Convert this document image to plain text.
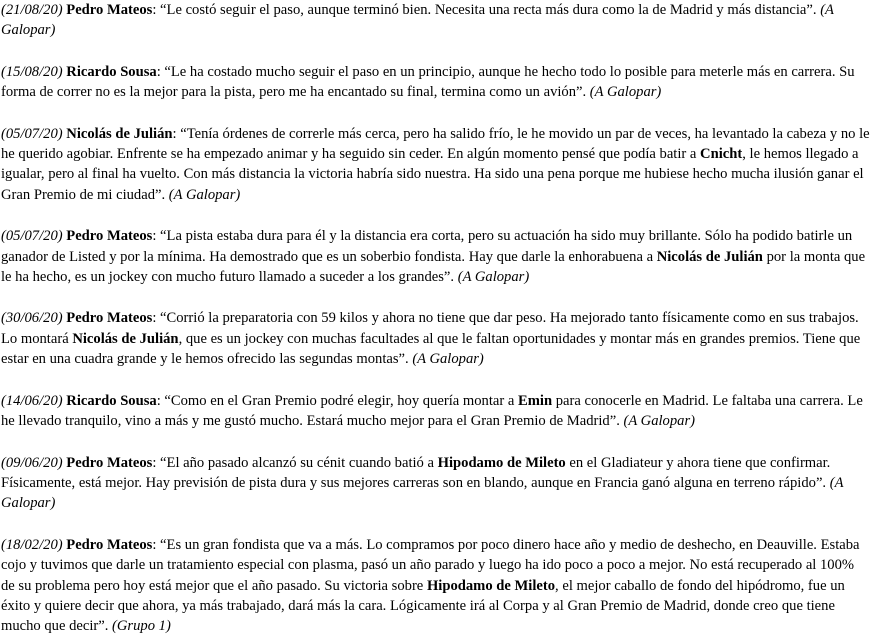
(21/08/20) Pedro Mateos: “Le costó seguir el paso, aunque terminó bien. Necesita una recta más dura como la de Madrid y más distancia”. (A Galopar)

(15/08/20) Ricardo Sousa: “Le ha costado mucho seguir el paso en un principio, aunque he hecho todo lo posible para meterle más en carrera. Su forma de correr no es la mejor para la pista, pero me ha encantado su final, termina como un avión”. (A Galopar)

(05/07/20) Nicolás de Julián: “Tenía órdenes de correrle más cerca, pero ha salido frío, le he movido un par de veces, ha levantado la cabeza y no le he querido agobiar. Enfrente se ha empezado animar y ha seguido sin ceder. En algún momento pensé que podía batir a Cnicht, le hemos llegado a igualar, pero al final ha vuelto. Con más distancia la victoria habría sido nuestra. Ha sido una pena porque me hubiese hecho mucha ilusión ganar el Gran Premio de mi ciudad”. (A Galopar)

(05/07/20) Pedro Mateos: “La pista estaba dura para él y la distancia era corta, pero su actuación ha sido muy brillante. Sólo ha podido batirle un ganador de Listed y por la mínima. Ha demostrado que es un soberbio fondista. Hay que darle la enhorabuena a Nicolás de Julián por la monta que le ha hecho, es un jockey con mucho futuro llamado a suceder a los grandes”. (A Galopar)

(30/06/20) Pedro Mateos: “Corrió la preparatoria con 59 kilos y ahora no tiene que dar peso. Ha mejorado tanto físicamente como en sus trabajos. Lo montará Nicolás de Julián, que es un jockey con muchas facultades al que le faltan oportunidades y montar más en grandes premios. Tiene que estar en una cuadra grande y le hemos ofrecido las segundas montas”. (A Galopar)

(14/06/20) Ricardo Sousa: “Como en el Gran Premio podré elegir, hoy quería montar a Emin para conocerle en Madrid. Le faltaba una carrera. Le he llevado tranquilo, vino a más y me gustó mucho. Estará mucho mejor para el Gran Premio de Madrid”. (A Galopar)

(09/06/20) Pedro Mateos: “El año pasado alcanzó su cénit cuando batió a Hipodamo de Mileto en el Gladiateur y ahora tiene que confirmar. Físicamente, está mejor. Hay previsión de pista dura y sus mejores carreras son en blando, aunque en Francia ganó alguna en terreno rápido”. (A Galopar)

(18/02/20) Pedro Mateos: “Es un gran fondista que va a más. Lo compramos por poco dinero hace año y medio de deshecho, en Deauville. Estaba cojo y tuvimos que darle un tratamiento especial con plasma, pasó un año parado y luego ha ido poco a poco a mejor. No está recuperado al 100% de su problema pero hoy está mejor que el año pasado. Su victoria sobre Hipodamo de Mileto, el mejor caballo de fondo del hipódromo, fue un éxito y quiere decir que ahora, ya más trabajado, dará más la cara. Lógicamente irá al Corpa y al Gran Premio de Madrid, donde creo que tiene mucho que decir”. (Grupo 1)
